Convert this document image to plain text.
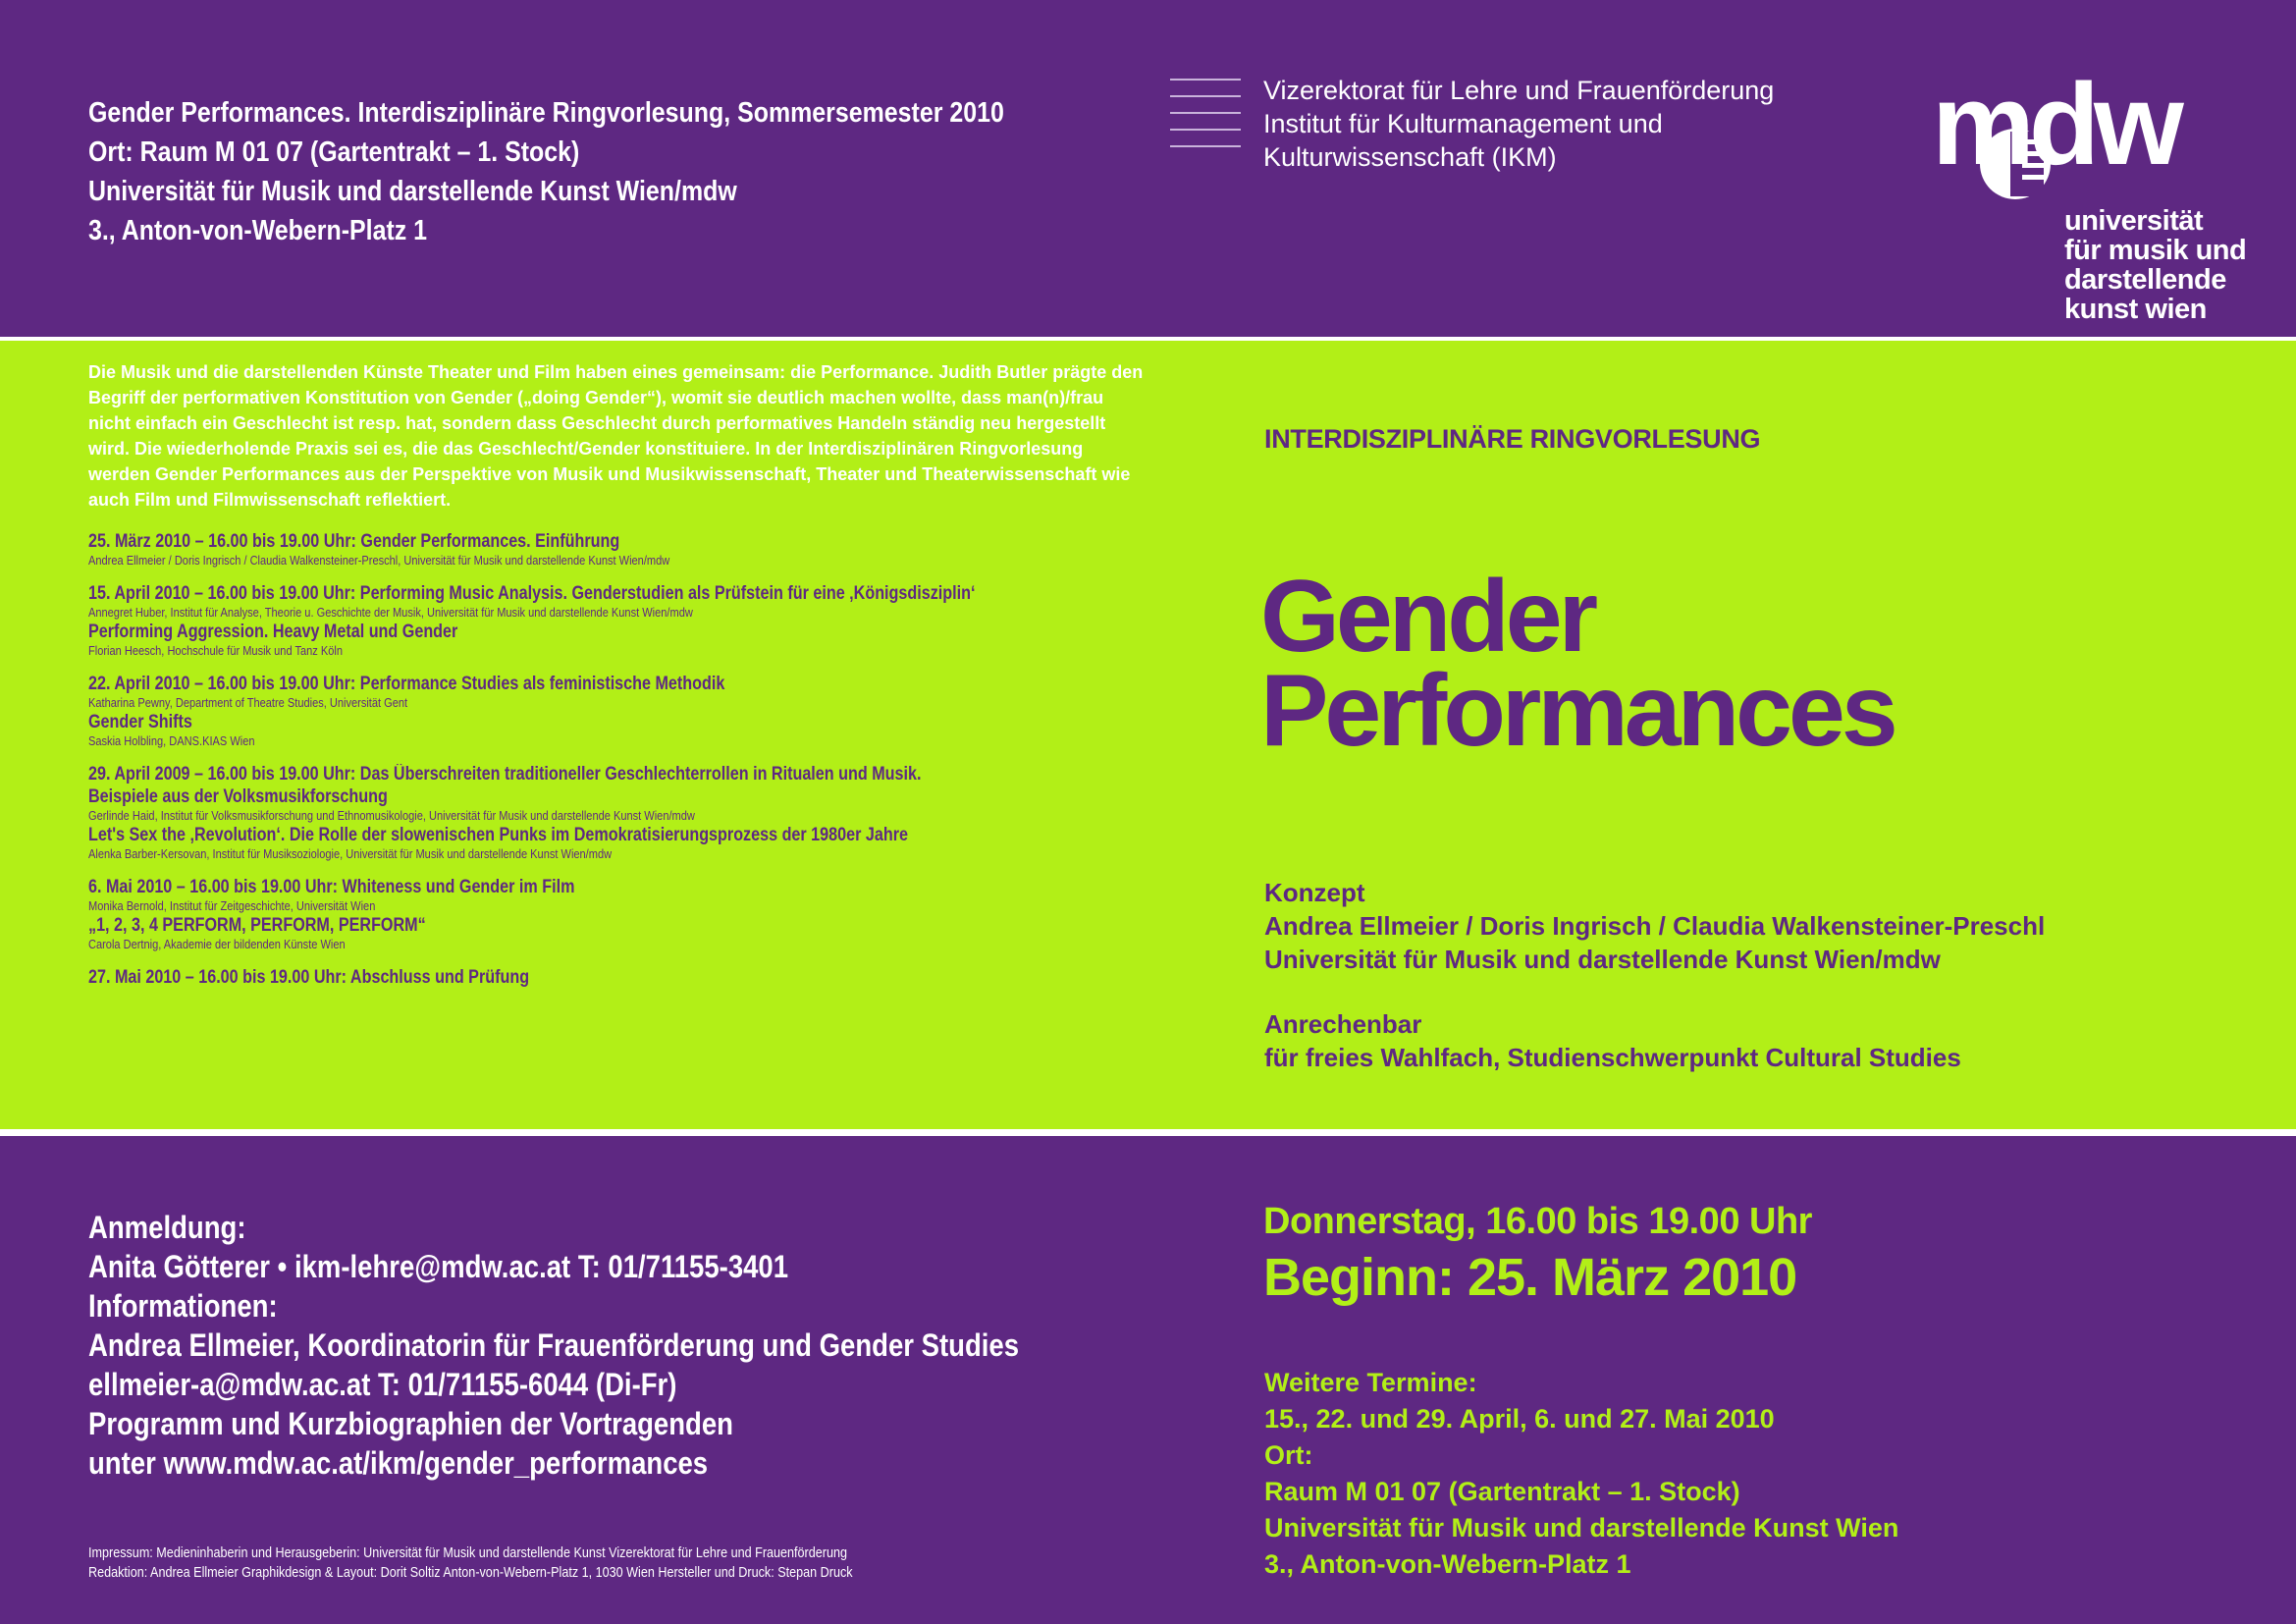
Gender Performances. Interdisziplinäre Ringvorlesung, Sommersemester 2010
Ort: Raum M 01 07 (Gartentrakt – 1. Stock)
Universität für Musik und darstellende Kunst Wien/mdw
3., Anton-von-Webern-Platz 1
Vizerektorat für Lehre und Frauenförderung
Institut für Kulturmanagement und
Kulturwissenschaft (IKM)	mdw
universität
für musik und
darstellende
kunst wien
Die Musik und die darstellenden Künste Theater und Film haben eines gemeinsam: die Performance. Judith Butler prägte den Begriff der performativen Konstitution von Gender („doing Gender“), womit sie deutlich machen wollte, dass man(n)/frau nicht einfach ein Geschlecht ist resp. hat, sondern dass Geschlecht durch performatives Handeln ständig neu hergestellt wird. Die wiederholende Praxis sei es, die das Geschlecht/Gender konstituiere. In der Interdisziplinären Ringvorlesung werden Gender Performances aus der Perspektive von Musik und Musikwissenschaft, Theater und Theaterwissenschaft wie auch Film und Filmwissenschaft reflektiert.
25. März 2010 – 16.00 bis 19.00 Uhr: Gender Performances. Einführung
Andrea Ellmeier / Doris Ingrisch / Claudia Walkensteiner-Preschl, Universität für Musik und darstellende Kunst Wien/mdw
15. April 2010 – 16.00 bis 19.00 Uhr: Performing Music Analysis. Genderstudien als Prüfstein für eine ‚Königsdisziplin‘
Annegret Huber, Institut für Analyse, Theorie u. Geschichte der Musik, Universität für Musik und darstellende Kunst Wien/mdw
Performing Aggression. Heavy Metal und Gender
Florian Heesch, Hochschule für Musik und Tanz Köln
22. April 2010 – 16.00 bis 19.00 Uhr: Performance Studies als feministische Methodik
Katharina Pewny, Department of Theatre Studies, Universität Gent
Gender Shifts
Saskia Holbling, DANS.KIAS Wien
29. April 2009 – 16.00 bis 19.00 Uhr: Das Überschreiten traditioneller Geschlechterrollen in Ritualen und Musik.
Beispiele aus der Volksmusikforschung
Gerlinde Haid, Institut für Volksmusikforschung und Ethnomusikologie, Universität für Musik und darstellende Kunst Wien/mdw
Let's Sex the ‚Revolution‘. Die Rolle der slowenischen Punks im Demokratisierungsprozess der 1980er Jahre
Alenka Barber-Kersovan, Institut für Musiksoziologie, Universität für Musik und darstellende Kunst Wien/mdw
6. Mai 2010 – 16.00 bis 19.00 Uhr: Whiteness und Gender im Film
Monika Bernold, Institut für Zeitgeschichte, Universität Wien
„1, 2, 3, 4 PERFORM, PERFORM, PERFORM“
Carola Dertnig, Akademie der bildenden Künste Wien
27. Mai 2010 – 16.00 bis 19.00 Uhr: Abschluss und Prüfung
INTERDISZIPLINÄRE RINGVORLESUNG
Gender
Performances
Konzept
Andrea Ellmeier / Doris Ingrisch / Claudia Walkensteiner-Preschl
Universität für Musik und darstellende Kunst Wien/mdw
Anrechenbar
für freies Wahlfach, Studienschwerpunkt Cultural Studies
Anmeldung:
Anita Götterer • ikm-lehre@mdw.ac.at T: 01/71155-3401
Informationen:
Andrea Ellmeier, Koordinatorin für Frauenförderung und Gender Studies
ellmeier-a@mdw.ac.at T: 01/71155-6044 (Di-Fr)
Programm und Kurzbiographien der Vortragenden
unter www.mdw.ac.at/ikm/gender_performances
Impressum: Medieninhaberin und Herausgeberin: Universität für Musik und darstellende Kunst Vizerektorat für Lehre und Frauenförderung
Redaktion: Andrea Ellmeier Graphikdesign & Layout: Dorit Soltiz Anton-von-Webern-Platz 1, 1030 Wien Hersteller und Druck: Stepan Druck
Donnerstag, 16.00 bis 19.00 Uhr
Beginn: 25. März 2010
Weitere Termine:
15., 22. und 29. April, 6. und 27. Mai 2010
Ort:
Raum M 01 07 (Gartentrakt – 1. Stock)
Universität für Musik und darstellende Kunst Wien
3., Anton-von-Webern-Platz 1
